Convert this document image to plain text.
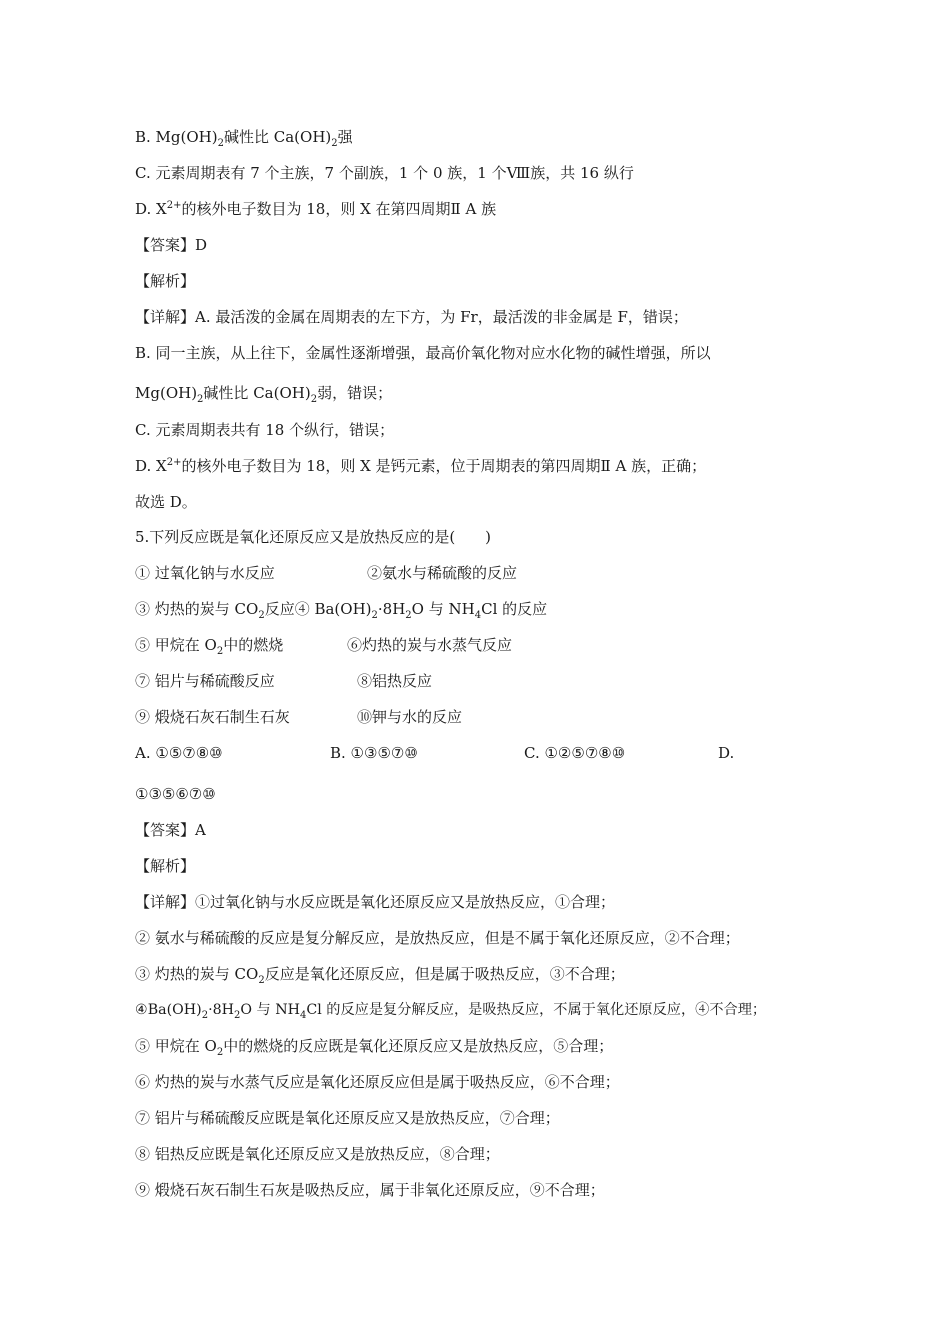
B. $Mg(OH)_2$碱性比 $Ca(OH)_2$强
C. 元素周期表有 7 个主族，7 个副族，1 个 0 族，1 个Ⅷ族，共 16 纵行
D. $X^{2+}$的核外电子数目为 18，则 X 在第四周期Ⅱ A 族
【答案】D
【解析】
【详解】A. 最活泼的金属在周期表的左下方，为 Fr，最活泼的非金属是 F，错误；
B. 同一主族，从上往下，金属性逐渐增强，最高价氧化物对应水化物的碱性增强，所以
$Mg(OH)_2$碱性比 $Ca(OH)_2$弱，错误；
C. 元素周期表共有 18 个纵行，错误；
D. $X^{2+}$的核外电子数目为 18，则 X 是钙元素，位于周期表的第四周期Ⅱ A 族，正确；
故选 D。
5.下列反应既是氧化还原反应又是放热反应的是(　　)
① 过氧化钠与水反应	②氨水与稀硫酸的反应
③ 灼热的炭与 $CO_2$反应④ $Ba(OH)_2\cdot 8H_2O$ 与 $NH_4Cl$ 的反应
⑤ 甲烷在 $O_2$中的燃烧	⑥灼热的炭与水蒸气反应
⑦ 铝片与稀硫酸反应	⑧铝热反应
⑨ 煅烧石灰石制生石灰	⑩钾与水的反应
A. ①⑤⑦⑧⑩	B. ①③⑤⑦⑩	C. ①②⑤⑦⑧⑩	D.
①③⑤⑥⑦⑩
【答案】A
【解析】
【详解】①过氧化钠与水反应既是氧化还原反应又是放热反应，①合理；
② 氨水与稀硫酸的反应是复分解反应，是放热反应，但是不属于氧化还原反应，②不合理；
③ 灼热的炭与 $CO_2$反应是氧化还原反应，但是属于吸热反应，③不合理；
$④Ba(OH)_2\cdot 8H_2O$ 与 $NH_4Cl$ 的反应是复分解反应，是吸热反应，不属于氧化还原反应，④不合理；
⑤ 甲烷在 $O_2$中的燃烧的反应既是氧化还原反应又是放热反应，⑤合理；
⑥ 灼热的炭与水蒸气反应是氧化还原反应但是属于吸热反应，⑥不合理；
⑦ 铝片与稀硫酸反应既是氧化还原反应又是放热反应，⑦合理；
⑧ 铝热反应既是氧化还原反应又是放热反应，⑧合理；
⑨ 煅烧石灰石制生石灰是吸热反应，属于非氧化还原反应，⑨不合理；
